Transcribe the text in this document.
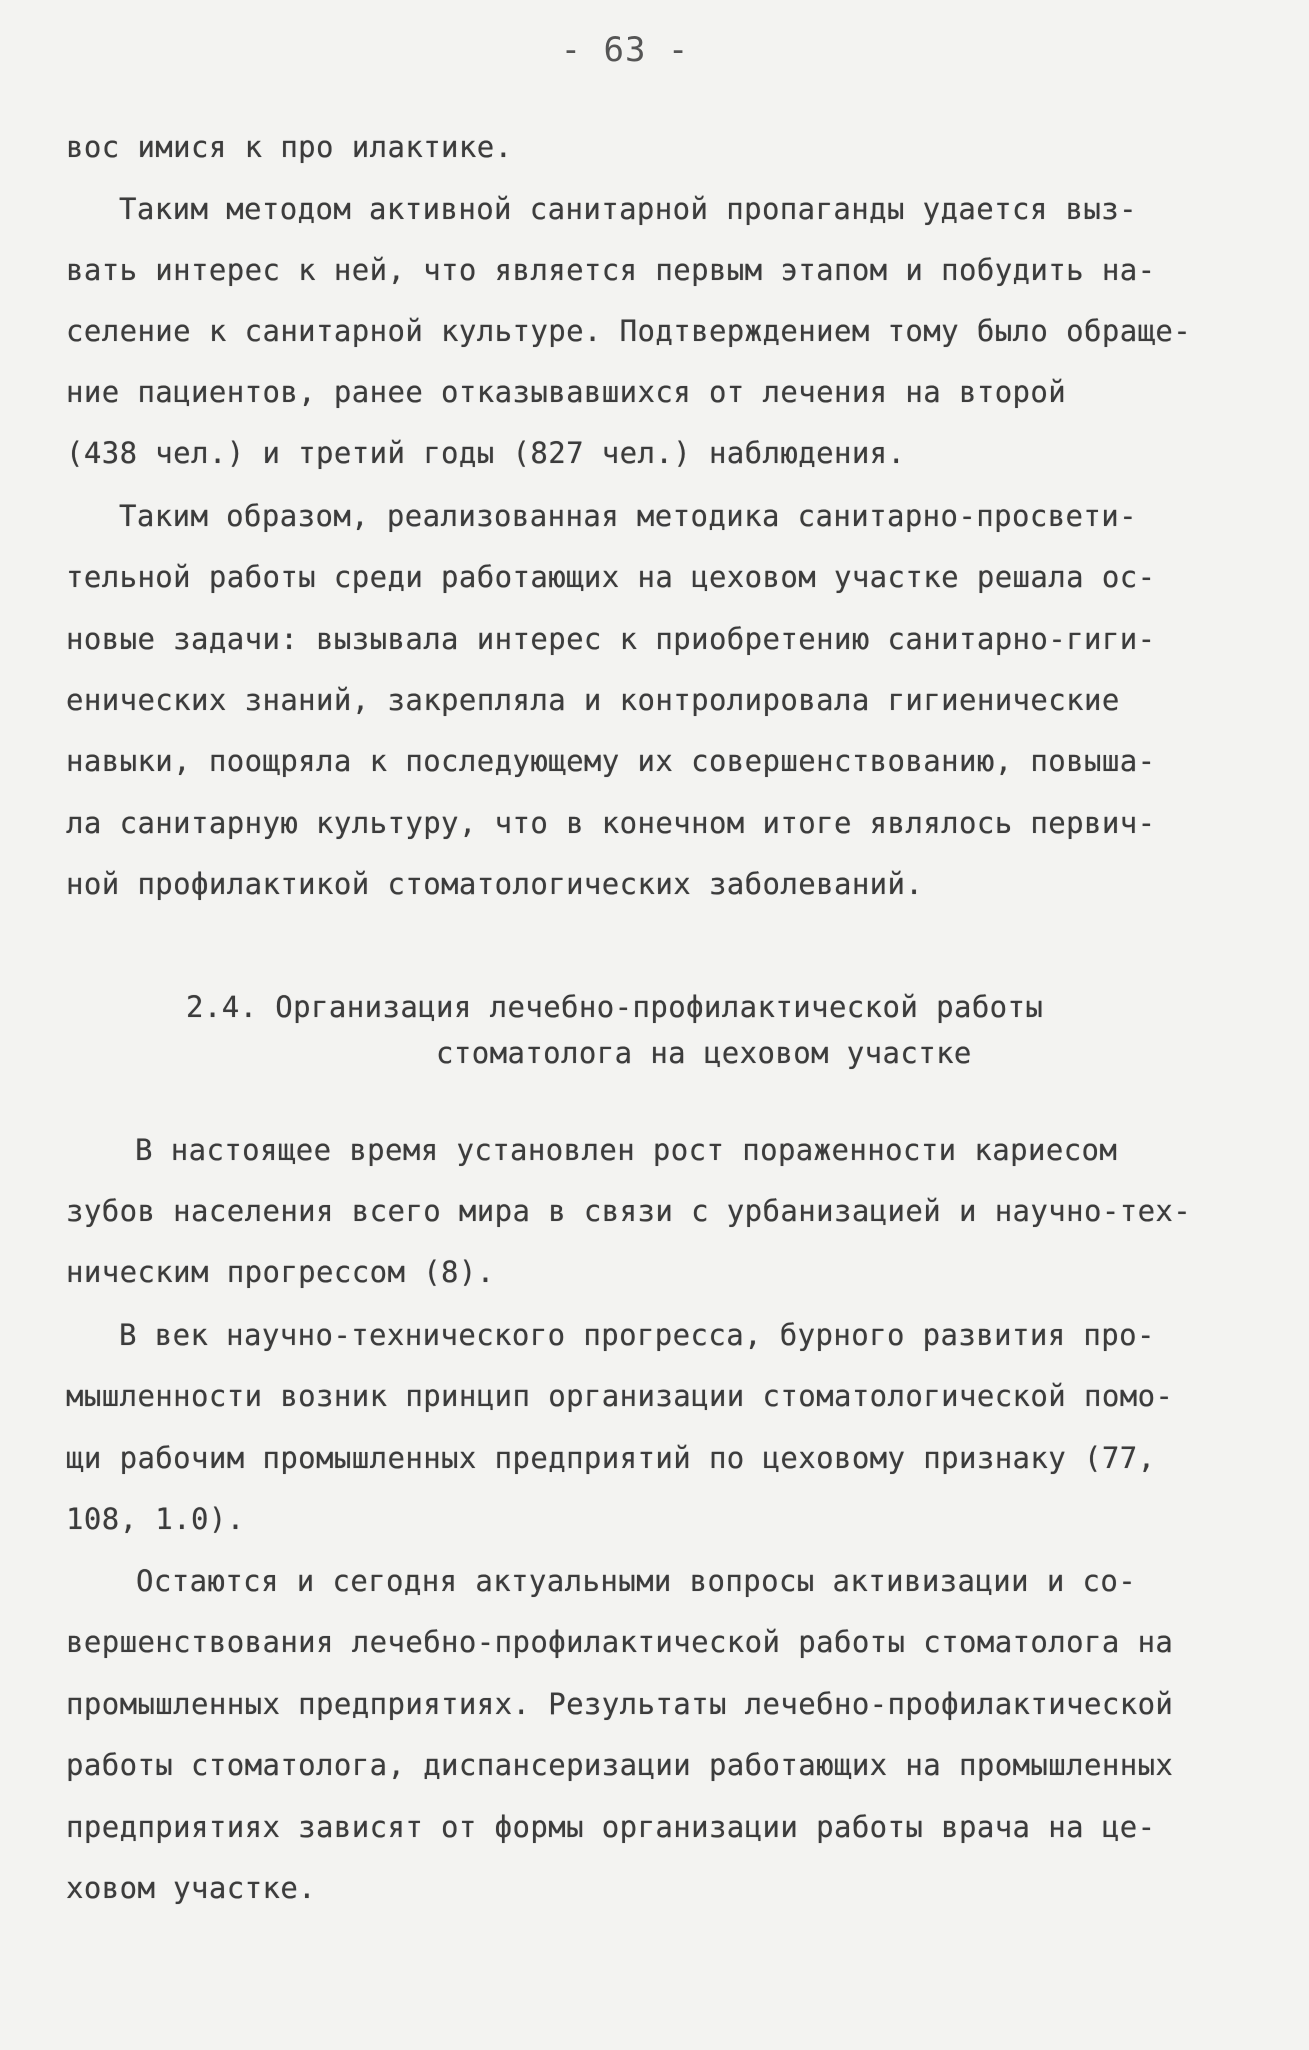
- 63 -
вос имися к про илактике.
Таким методом активной санитарной пропаганды удается выз-
вать интерес к ней, что является первым этапом и побудить на-
селение к санитарной культуре. Подтверждением тому было обраще-
ние пациентов, ранее отказывавшихся от лечения на второй
(438 чел.) и третий годы (827 чел.) наблюдения.
Таким образом, реализованная методика санитарно-просвети-
тельной работы среди работающих на цеховом участке решала ос-
новые задачи: вызывала интерес к приобретению санитарно-гиги-
енических знаний, закрепляла и контролировала гигиенические
навыки, поощряла к последующему их совершенствованию, повыша-
ла санитарную культуру, что в конечном итоге являлось первич-
ной профилактикой стоматологических заболеваний.
2.4. Организация лечебно-профилактической работы
стоматолога на цеховом участке
В настоящее время установлен рост пораженности кариесом
зубов населения всего мира в связи с урбанизацией и научно-тех-
ническим прогрессом (8).
В век научно-технического прогресса, бурного развития про-
мышленности возник принцип организации стоматологической помо-
щи рабочим промышленных предприятий по цеховому признаку (77,
108, 1.0).
Остаются и сегодня актуальными вопросы активизации и со-
вершенствования лечебно-профилактической работы стоматолога на
промышленных предприятиях. Результаты лечебно-профилактической
работы стоматолога, диспансеризации работающих на промышленных
предприятиях зависят от формы организации работы врача на це-
ховом участке.
